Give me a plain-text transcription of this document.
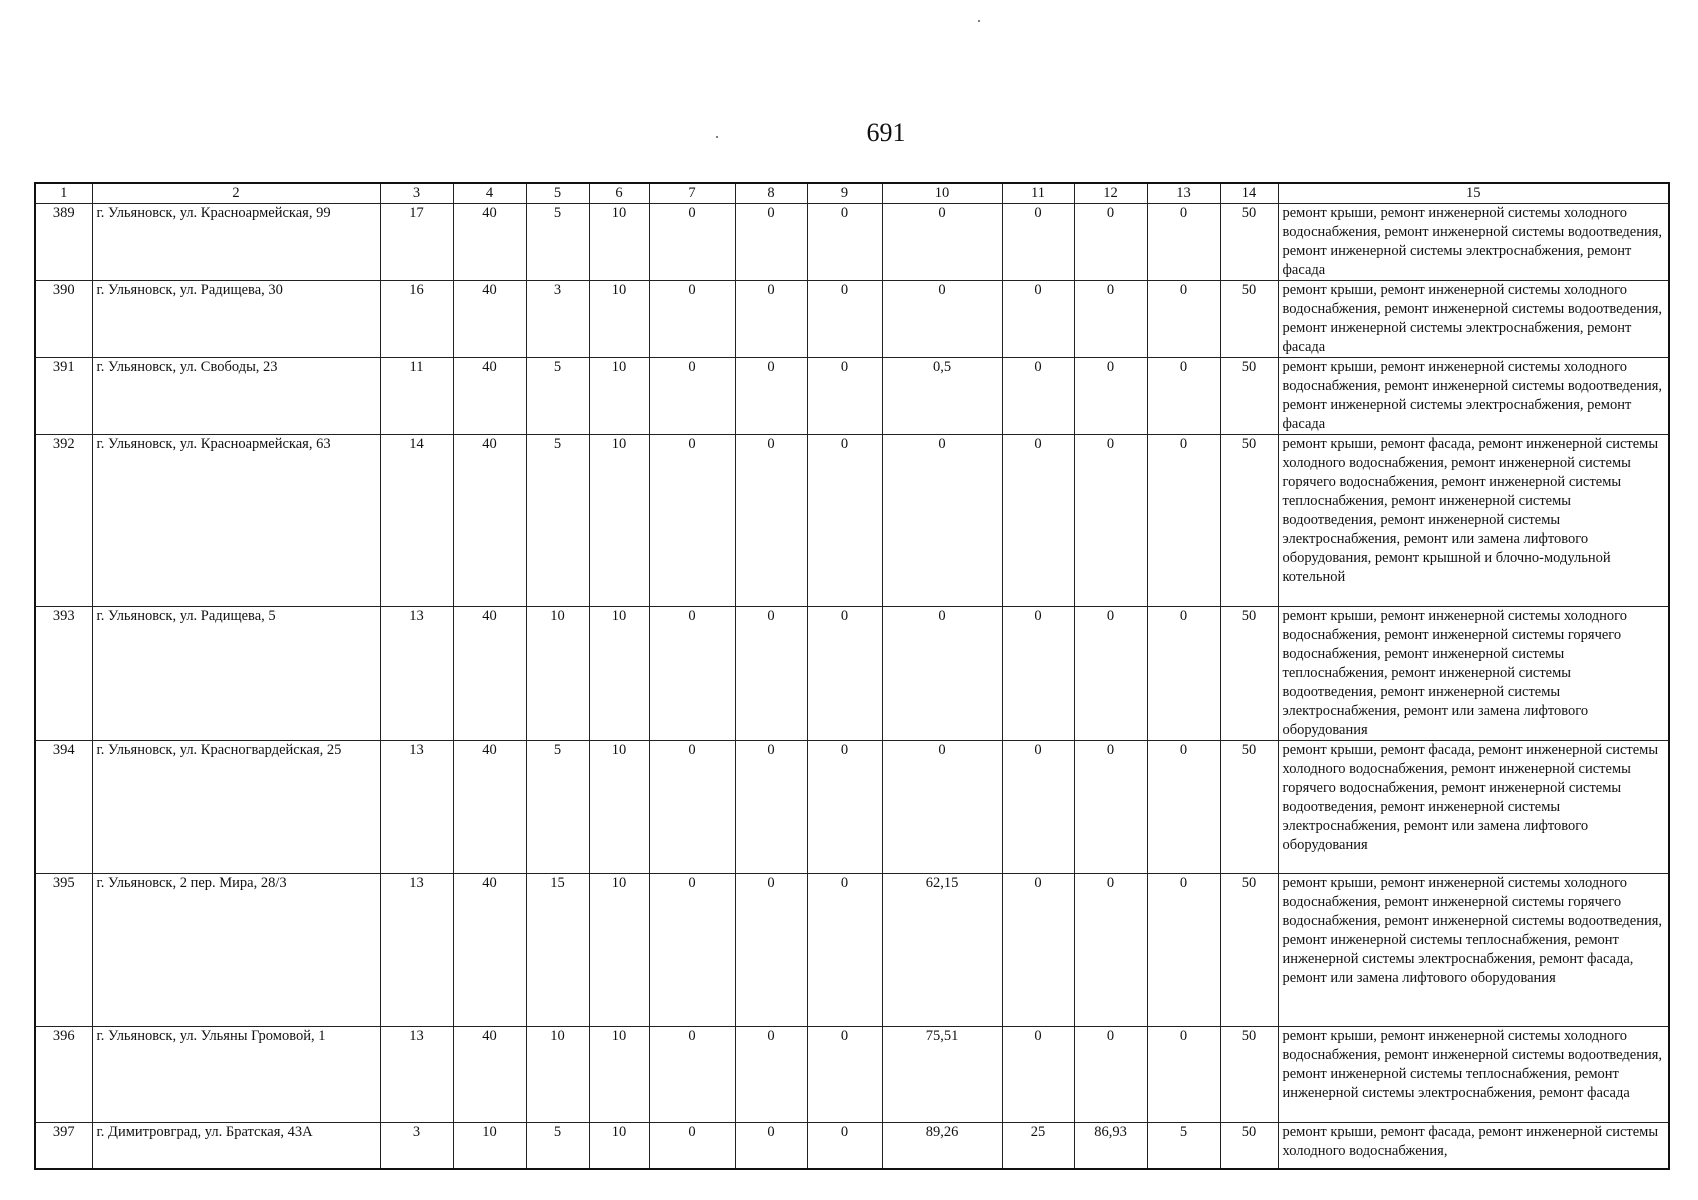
691
1	2	3	4	5	6	7	8	9	10	11	12	13	14	15
389	г. Ульяновск, ул. Красноармейская, 99	17	40	5	10	0	0	0	0	0	0	0	50	ремонт крыши, ремонт инженерной системы холодного водоснабжения, ремонт инженерной системы водоотведения, ремонт инженерной системы электроснабжения, ремонт фасада
390	г. Ульяновск, ул. Радищева, 30	16	40	3	10	0	0	0	0	0	0	0	50	ремонт крыши, ремонт инженерной системы холодного водоснабжения, ремонт инженерной системы водоотведения, ремонт инженерной системы электроснабжения, ремонт фасада
391	г. Ульяновск, ул. Свободы, 23	11	40	5	10	0	0	0	0,5	0	0	0	50	ремонт крыши, ремонт инженерной системы холодного водоснабжения, ремонт инженерной системы водоотведения, ремонт инженерной системы электроснабжения, ремонт фасада
392	г. Ульяновск, ул. Красноармейская, 63	14	40	5	10	0	0	0	0	0	0	0	50	ремонт крыши, ремонт фасада, ремонт инженерной системы холодного водоснабжения, ремонт инженерной системы горячего водоснабжения, ремонт инженерной системы теплоснабжения, ремонт инженерной системы водоотведения, ремонт инженерной системы электроснабжения, ремонт или замена лифтового оборудования, ремонт крышной и блочно-модульной котельной
393	г. Ульяновск, ул. Радищева, 5	13	40	10	10	0	0	0	0	0	0	0	50	ремонт крыши, ремонт инженерной системы холодного водоснабжения, ремонт инженерной системы горячего водоснабжения, ремонт инженерной системы теплоснабжения, ремонт инженерной системы водоотведения, ремонт инженерной системы электроснабжения, ремонт или замена лифтового оборудования
394	г. Ульяновск, ул. Красногвардейская, 25	13	40	5	10	0	0	0	0	0	0	0	50	ремонт крыши, ремонт фасада, ремонт инженерной системы холодного водоснабжения, ремонт инженерной системы горячего водоснабжения, ремонт инженерной системы водоотведения, ремонт инженерной системы электроснабжения, ремонт или замена лифтового оборудования
395	г. Ульяновск, 2 пер. Мира, 28/3	13	40	15	10	0	0	0	62,15	0	0	0	50	ремонт крыши, ремонт инженерной системы холодного водоснабжения, ремонт инженерной системы горячего водоснабжения, ремонт инженерной системы водоотведения, ремонт инженерной системы теплоснабжения, ремонт инженерной системы электроснабжения, ремонт фасада, ремонт или замена лифтового оборудования
396	г. Ульяновск, ул. Ульяны Громовой, 1	13	40	10	10	0	0	0	75,51	0	0	0	50	ремонт крыши, ремонт инженерной системы холодного водоснабжения, ремонт инженерной системы водоотведения, ремонт инженерной системы теплоснабжения, ремонт инженерной системы электроснабжения, ремонт фасада
397	г. Димитровград, ул. Братская, 43А	3	10	5	10	0	0	0	89,26	25	86,93	5	50	ремонт крыши, ремонт фасада, ремонт инженерной системы холодного водоснабжения,
